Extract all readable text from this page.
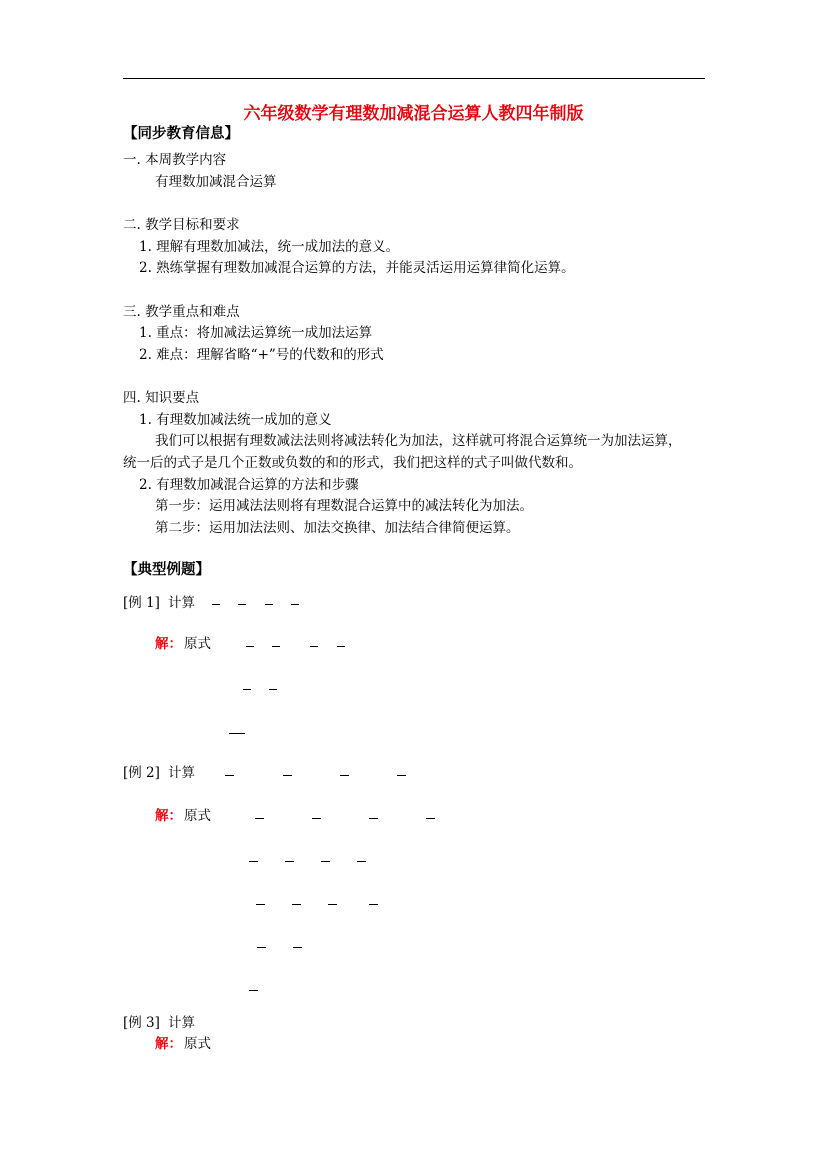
六年级数学有理数加减混合运算人教四年制版
【同步教育信息】
一. 本周教学内容
有理数加减混合运算
二. 教学目标和要求
1. 理解有理数加减法，统一成加法的意义。
2. 熟练掌握有理数加减混合运算的方法，并能灵活运用运算律简化运算。
三. 教学重点和难点
1. 重点：将加减法运算统一成加法运算
2. 难点：理解省略“+”号的代数和的形式
四. 知识要点
1. 有理数加减法统一成加的意义
我们可以根据有理数减法法则将减法转化为加法，这样就可将混合运算统一为加法运算，
统一后的式子是几个正数或负数的和的形式，我们把这样的式子叫做代数和。
2. 有理数加减混合运算的方法和步骤
第一步：运用减法法则将有理数混合运算中的减法转化为加法。
第二步：运用加法法则、加法交换律、加法结合律简便运算。
【典型例题】
[例 1] 计算
解： 原式
[例 2] 计算
解： 原式
[例 3] 计算
解： 原式
